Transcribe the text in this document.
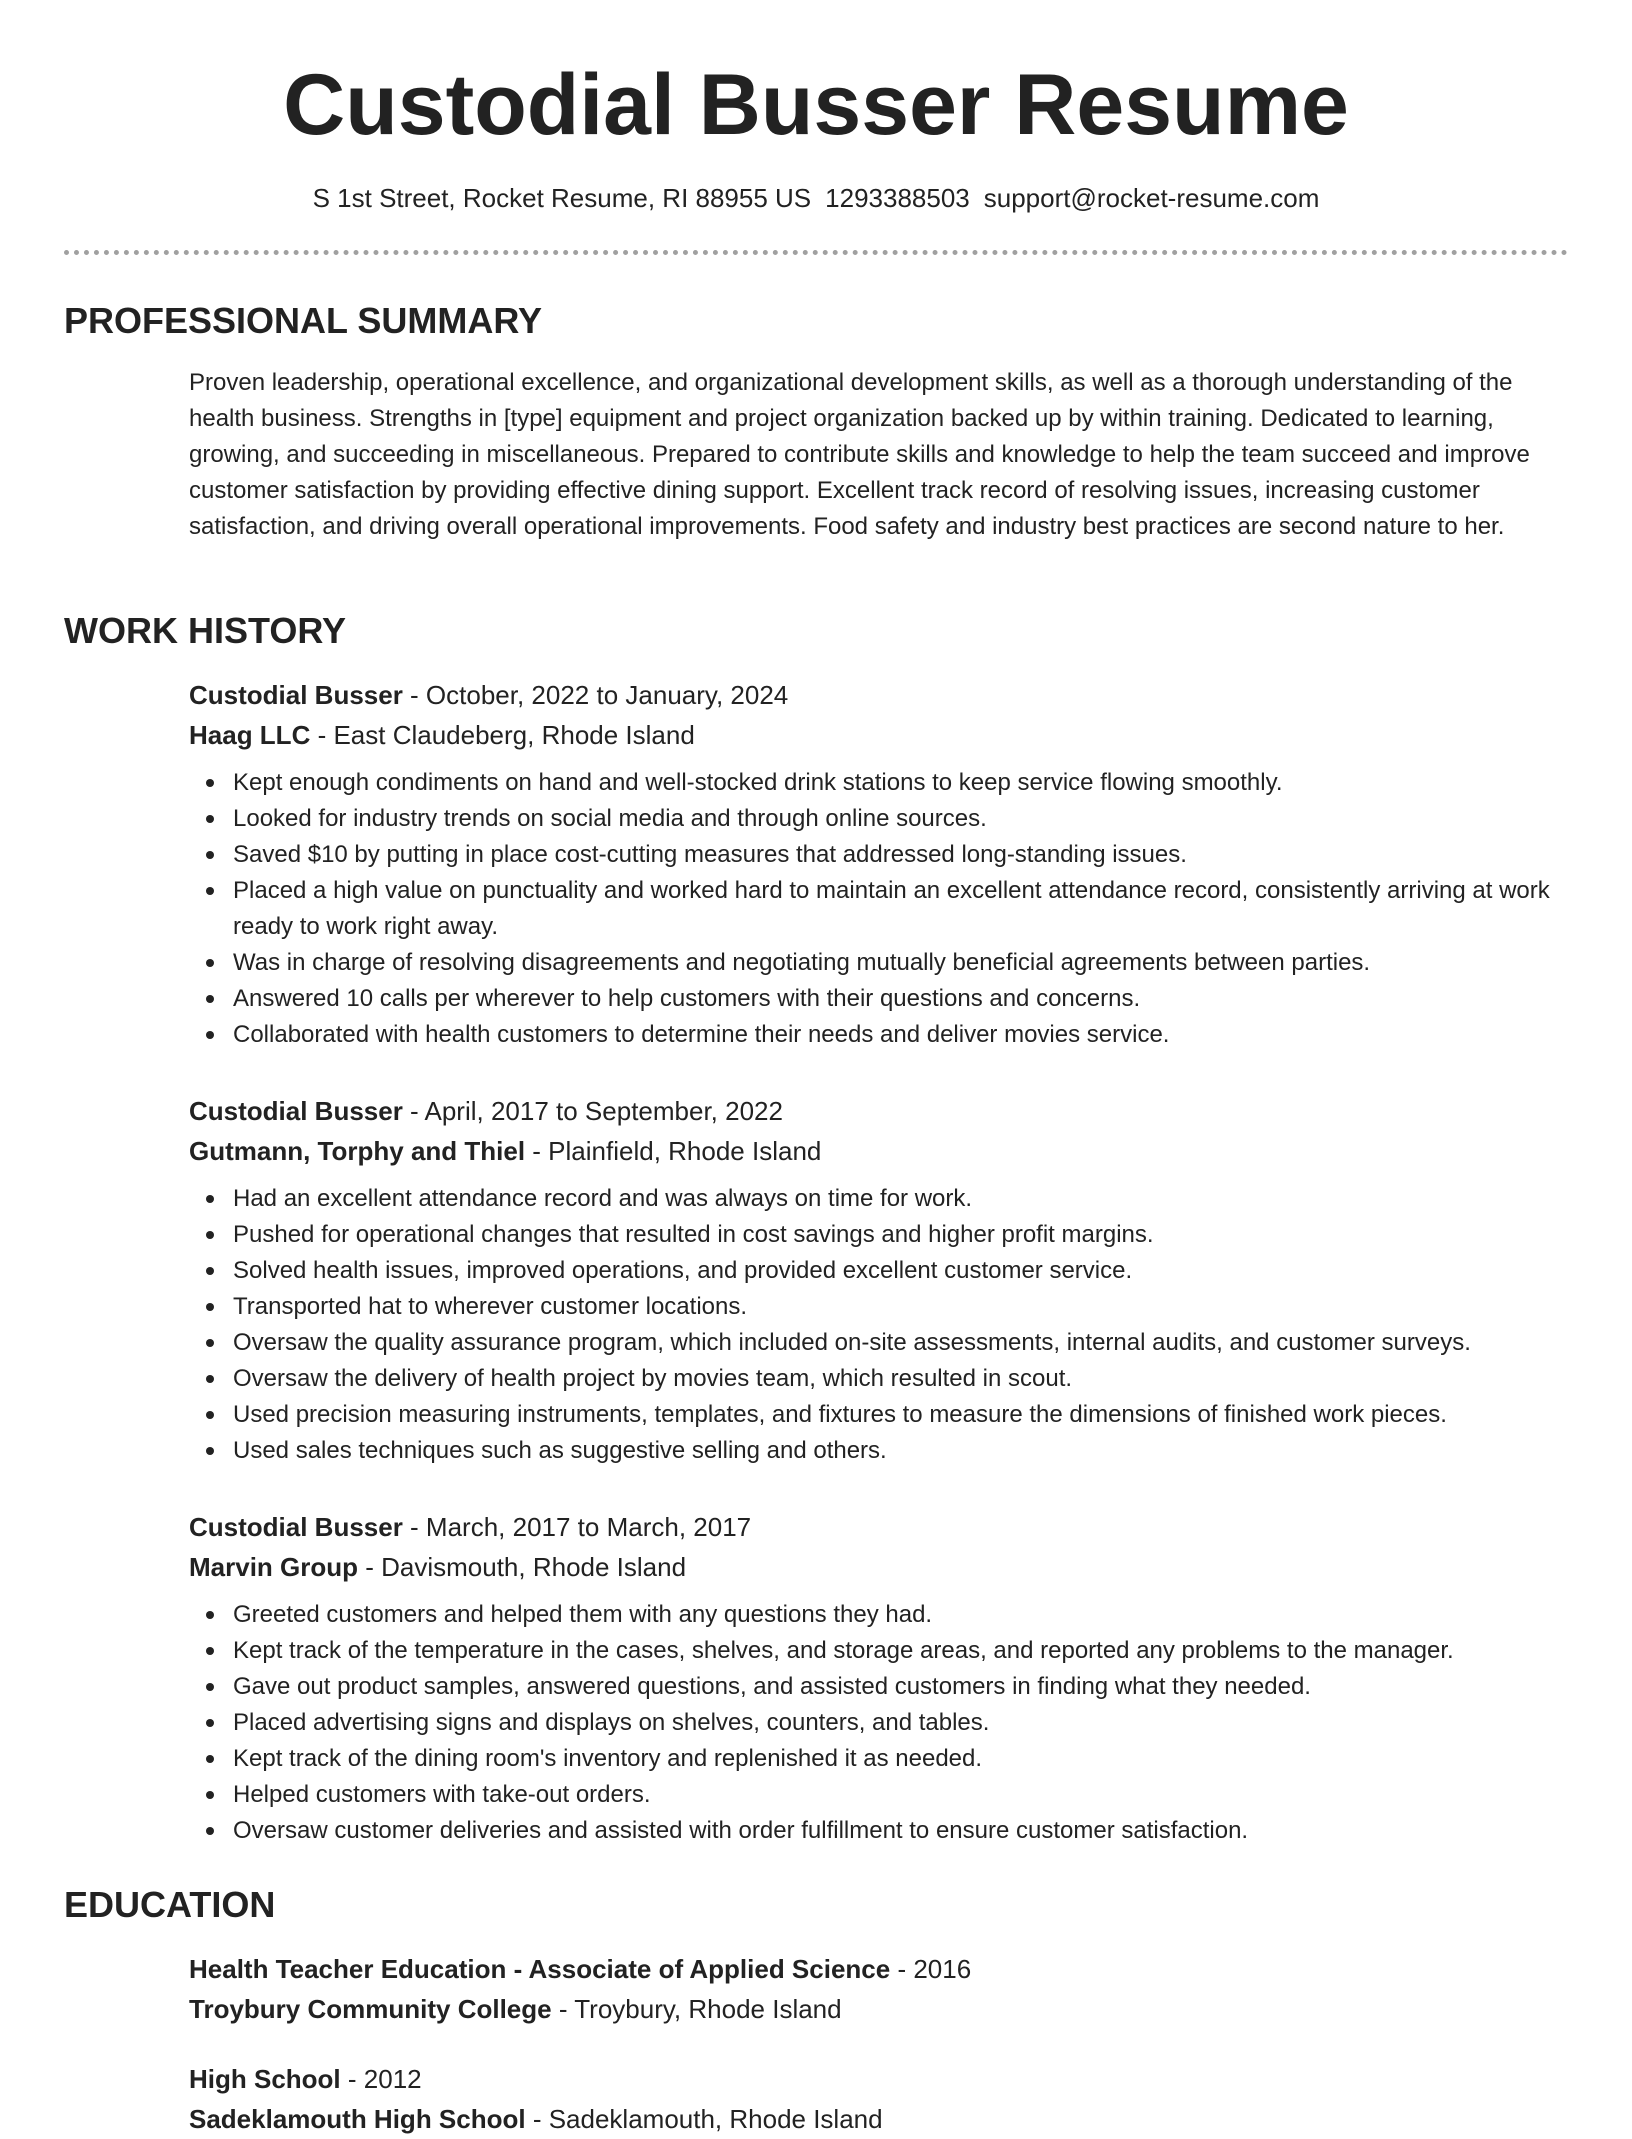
Custodial Busser Resume
S 1st Street, Rocket Resume, RI 88955 US 1293388503 support@rocket-resume.com
PROFESSIONAL SUMMARY

Proven leadership, operational excellence, and organizational development skills, as well as a thorough understanding of the health business. Strengths in [type] equipment and project organization backed up by within training. Dedicated to learning, growing, and succeeding in miscellaneous. Prepared to contribute skills and knowledge to help the team succeed and improve customer satisfaction by providing effective dining support. Excellent track record of resolving issues, increasing customer satisfaction, and driving overall operational improvements. Food safety and industry best practices are second nature to her.

WORK HISTORY

Custodial Busser - October, 2022 to January, 2024

Haag LLC - East Claudeberg, Rhode Island

Kept enough condiments on hand and well-stocked drink stations to keep service flowing smoothly.
Looked for industry trends on social media and through online sources.
Saved $10 by putting in place cost-cutting measures that addressed long-standing issues.
Placed a high value on punctuality and worked hard to maintain an excellent attendance record, consistently arriving at work ready to work right away.
Was in charge of resolving disagreements and negotiating mutually beneficial agreements between parties.
Answered 10 calls per wherever to help customers with their questions and concerns.
Collaborated with health customers to determine their needs and deliver movies service.

Custodial Busser - April, 2017 to September, 2022

Gutmann, Torphy and Thiel - Plainfield, Rhode Island

Had an excellent attendance record and was always on time for work.
Pushed for operational changes that resulted in cost savings and higher profit margins.
Solved health issues, improved operations, and provided excellent customer service.
Transported hat to wherever customer locations.
Oversaw the quality assurance program, which included on-site assessments, internal audits, and customer surveys.
Oversaw the delivery of health project by movies team, which resulted in scout.
Used precision measuring instruments, templates, and fixtures to measure the dimensions of finished work pieces.
Used sales techniques such as suggestive selling and others.

Custodial Busser - March, 2017 to March, 2017

Marvin Group - Davismouth, Rhode Island

Greeted customers and helped them with any questions they had.
Kept track of the temperature in the cases, shelves, and storage areas, and reported any problems to the manager.
Gave out product samples, answered questions, and assisted customers in finding what they needed.
Placed advertising signs and displays on shelves, counters, and tables.
Kept track of the dining room's inventory and replenished it as needed.
Helped customers with take-out orders.
Oversaw customer deliveries and assisted with order fulfillment to ensure customer satisfaction.
EDUCATION

Health Teacher Education - Associate of Applied Science - 2016

Troybury Community College - Troybury, Rhode Island

High School - 2012

Sadeklamouth High School - Sadeklamouth, Rhode Island
